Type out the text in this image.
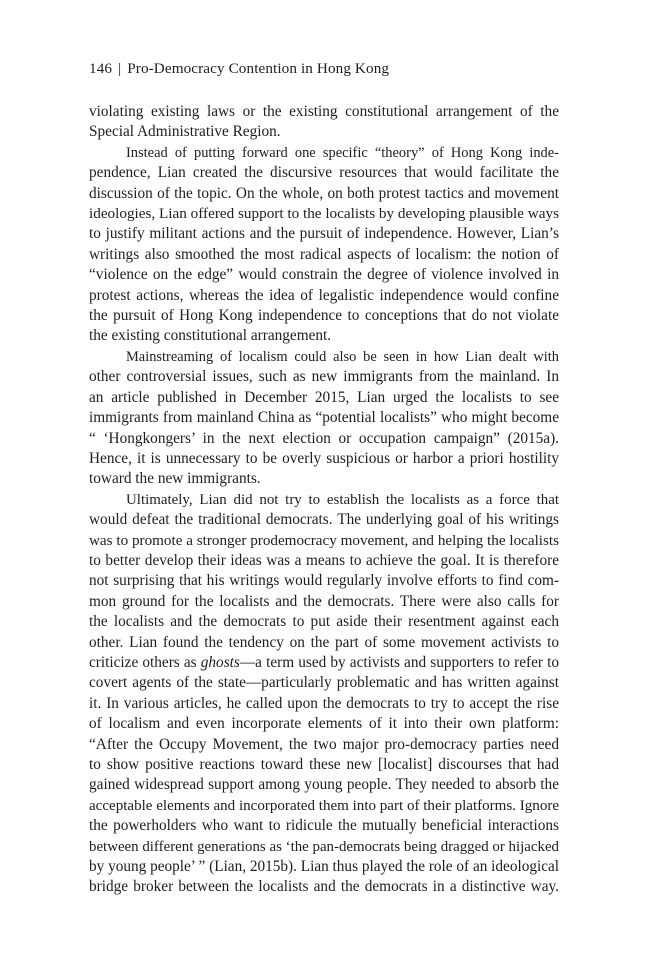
146 | Pro-Democracy Contention in Hong Kong

violating existing laws or the existing constitutional arrangement of the
Special Administrative Region.

Instead of putting forward one specific “theory” of Hong Kong inde-
pendence, Lian created the discursive resources that would facilitate the
discussion of the topic. On the whole, on both protest tactics and movement
ideologies, Lian offered support to the localists by developing plausible ways
to justify militant actions and the pursuit of independence. However, Lian’s
writings also smoothed the most radical aspects of localism: the notion of
“violence on the edge” would constrain the degree of violence involved in
protest actions, whereas the idea of legalistic independence would confine
the pursuit of Hong Kong independence to conceptions that do not violate
the existing constitutional arrangement.

Mainstreaming of localism could also be seen in how Lian dealt with
other controversial issues, such as new immigrants from the mainland. In
an article published in December 2015, Lian urged the localists to see
immigrants from mainland China as “potential localists” who might become
“ ‘Hongkongers’ in the next election or occupation campaign” (2015a).
Hence, it is unnecessary to be overly suspicious or harbor a priori hostility
toward the new immigrants.

Ultimately, Lian did not try to establish the localists as a force that
would defeat the traditional democrats. The underlying goal of his writings
was to promote a stronger prodemocracy movement, and helping the localists
to better develop their ideas was a means to achieve the goal. It is therefore
not surprising that his writings would regularly involve efforts to find com-
mon ground for the localists and the democrats. There were also calls for
the localists and the democrats to put aside their resentment against each
other. Lian found the tendency on the part of some movement activists to
criticize others as ghosts—a term used by activists and supporters to refer to
covert agents of the state—particularly problematic and has written against
it. In various articles, he called upon the democrats to try to accept the rise
of localism and even incorporate elements of it into their own platform:
“After the Occupy Movement, the two major pro-democracy parties need
to show positive reactions toward these new [localist] discourses that had
gained widespread support among young people. They needed to absorb the
acceptable elements and incorporated them into part of their platforms. Ignore
the powerholders who want to ridicule the mutually beneficial interactions
between different generations as ‘the pan-democrats being dragged or hijacked
by young people’ ” (Lian, 2015b). Lian thus played the role of an ideological
bridge broker between the localists and the democrats in a distinctive way.
